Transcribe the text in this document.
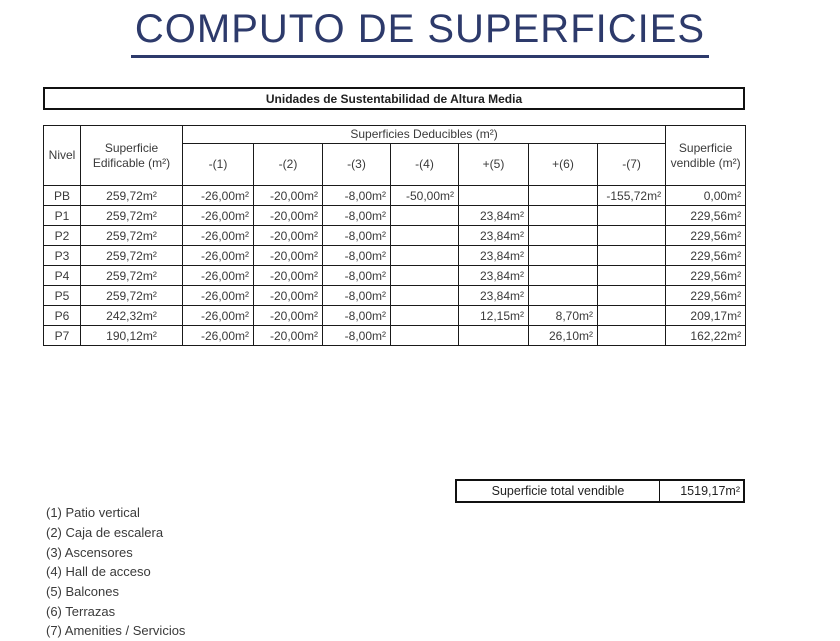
COMPUTO DE SUPERFICIES
Unidades de Sustentabilidad de Altura Media
Nivel	Superficie Edificable (m²)	Superficies Deducibles (m²)							Superficie vendible (m²)
		-(1)	-(2)	-(3)	-(4)	+(5)	+(6)	-(7)	
PB	259,72m²	-26,00m²	-20,00m²	-8,00m²	-50,00m²			-155,72m²	0,00m²
P1	259,72m²	-26,00m²	-20,00m²	-8,00m²		23,84m²			229,56m²
P2	259,72m²	-26,00m²	-20,00m²	-8,00m²		23,84m²			229,56m²
P3	259,72m²	-26,00m²	-20,00m²	-8,00m²		23,84m²			229,56m²
P4	259,72m²	-26,00m²	-20,00m²	-8,00m²		23,84m²			229,56m²
P5	259,72m²	-26,00m²	-20,00m²	-8,00m²		23,84m²			229,56m²
P6	242,32m²	-26,00m²	-20,00m²	-8,00m²		12,15m²	8,70m²		209,17m²
P7	190,12m²	-26,00m²	-20,00m²	-8,00m²			26,10m²		162,22m²
Superficie total vendible	1519,17m²
(1) Patio vertical
(2) Caja de escalera
(3) Ascensores
(4) Hall de acceso
(5) Balcones
(6) Terrazas
(7) Amenities / Servicios
